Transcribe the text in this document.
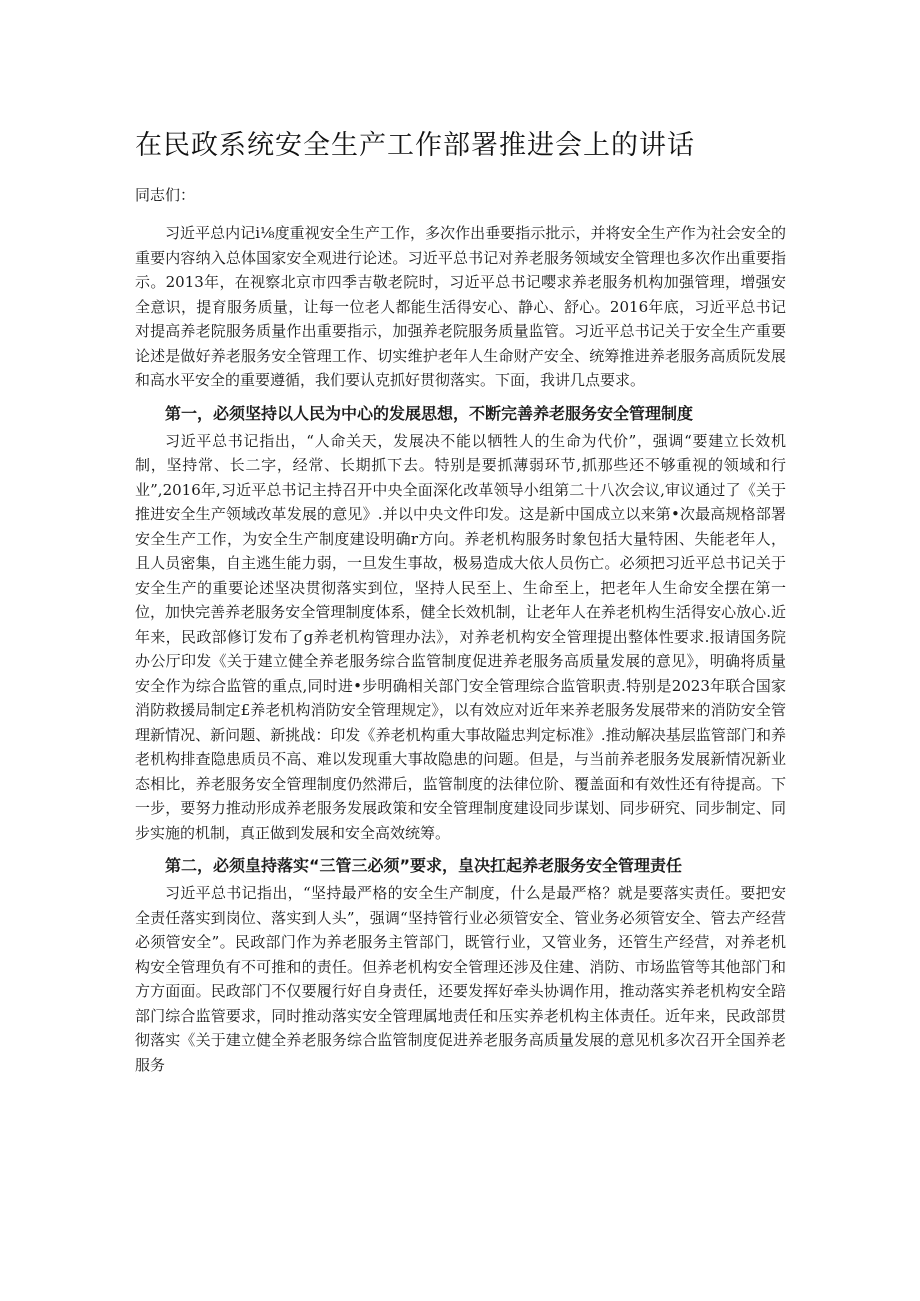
在民政系统安全生产工作部署推进会上的讲话

同志们：

习近平总内记i⅛度重视安全生产工作，多次作出垂要指示批示，并将安全生产作为社会安全的重要内容纳入总体国家安全观进行论述。习近平总书记对养老服务领域安全管理也多次作出重要指示。2013年，在视察北京市四季吉敬老院时，习近平总书记嘤求养老服务机构加强管理，增强安全意识，提育服务质量，让每一位老人都能生活得安心、静心、舒心。2016年底，习近平总书记对提高养老院服务质量作出重要指示，加强养老院服务质量监管。习近平总书记关于安全生产重要论述是做好养老服务安全管理工作、切实维护老年人生命财产安全、统筹推进养老服务高质阮发展和高水平安全的重要遵循，我们要认克抓好贯彻落实。下面，我讲几点要求。

第一，必须坚持以人民为中心的发展思想，不断完善养老服务安全管理制度

习近平总书记指出，“人命关天，发展决不能以牺牲人的生命为代价”，强调“要建立长效机制，坚持常、长二字，经常、长期抓下去。特别是要抓薄弱环节,抓那些还不够重视的领域和行业”,2016年,习近平总书记主持召开中央全面深化改革领导小组第二十八次会议,审议通过了《关于推进安全生产领域改革发展的意见》.并以中央文件印发。这是新中国成立以来第•次最高规格部署安全生产工作，为安全生产制度建设明确r方向。养老机构服务时象包括大量特困、失能老年人，且人员密集，自主逃生能力弱，一旦发生事故，极易造成大依人员伤亡。必须把习近平总书记关于安全生产的重要论述坚决贯彻落实到位，坚持人民至上、生命至上，把老年人生命安全摆在第一位，加快完善养老服务安全管理制度体系，健全长效机制，让老年人在养老机构生活得安心放心.近年来，民政部修订发布了g养老机构管理办法》，对养老机构安全管理提出整体性要求.报请国务院办公厅印发《关于建立健全养老服务综合监管制度促进养老服务高质量发展的意见》，明确将质量安全作为综合监管的重点,同时进•步明确相关部门安全管理综合监管职责.特别是2023年联合国家消防救援局制定£养老机构消防安全管理规定》，以有效应对近年来养老服务发展带来的消防安全管理新情况、新问题、新挑战：印发《养老机构重大事故隘忠判定标准》.推动解决基层监管部门和养老机构排查隐患质员不高、难以发现重大事故隐患的问题。但是，与当前养老服务发展新情况新业态相比，养老服务安全管理制度仍然滞后，监管制度的法律位阶、覆盖面和有效性还有待提高。下一步，要努力推动形成养老服务发展政策和安全管理制度建设同步谋划、同步研究、同步制定、同步实施的机制，真正做到发展和安全高效统筹。

第二，必须皇持落实“三管三必须”要求，皇决扛起养老服务安全管理责任

习近平总书记指出，“坚持最严格的安全生产制度，什么是最严格？就是要落实责任。要把安全责任落实到岗位、落实到人头”，强调“坚持管行业必须管安全、管业务必须管安全、管去产经营必须管安全”。民政部门作为养老服务主管部门，既管行业，又管业务，还管生产经营，对养老机构安全管理负有不可推和的责任。但养老机构安全管理还涉及住建、消防、市场监管等其他部门和方方面面。民政部门不仅要履行好自身责任，还要发挥好牵头协调作用，推动落实养老机构安全踣部门综合监管要求，同时推动落实安全管理属地责任和压实养老机构主体责任。近年来，民政部贯彻落实《关于建立健全养老服务综合监管制度促进养老服务高质量发展的意见机多次召开全国养老服务
